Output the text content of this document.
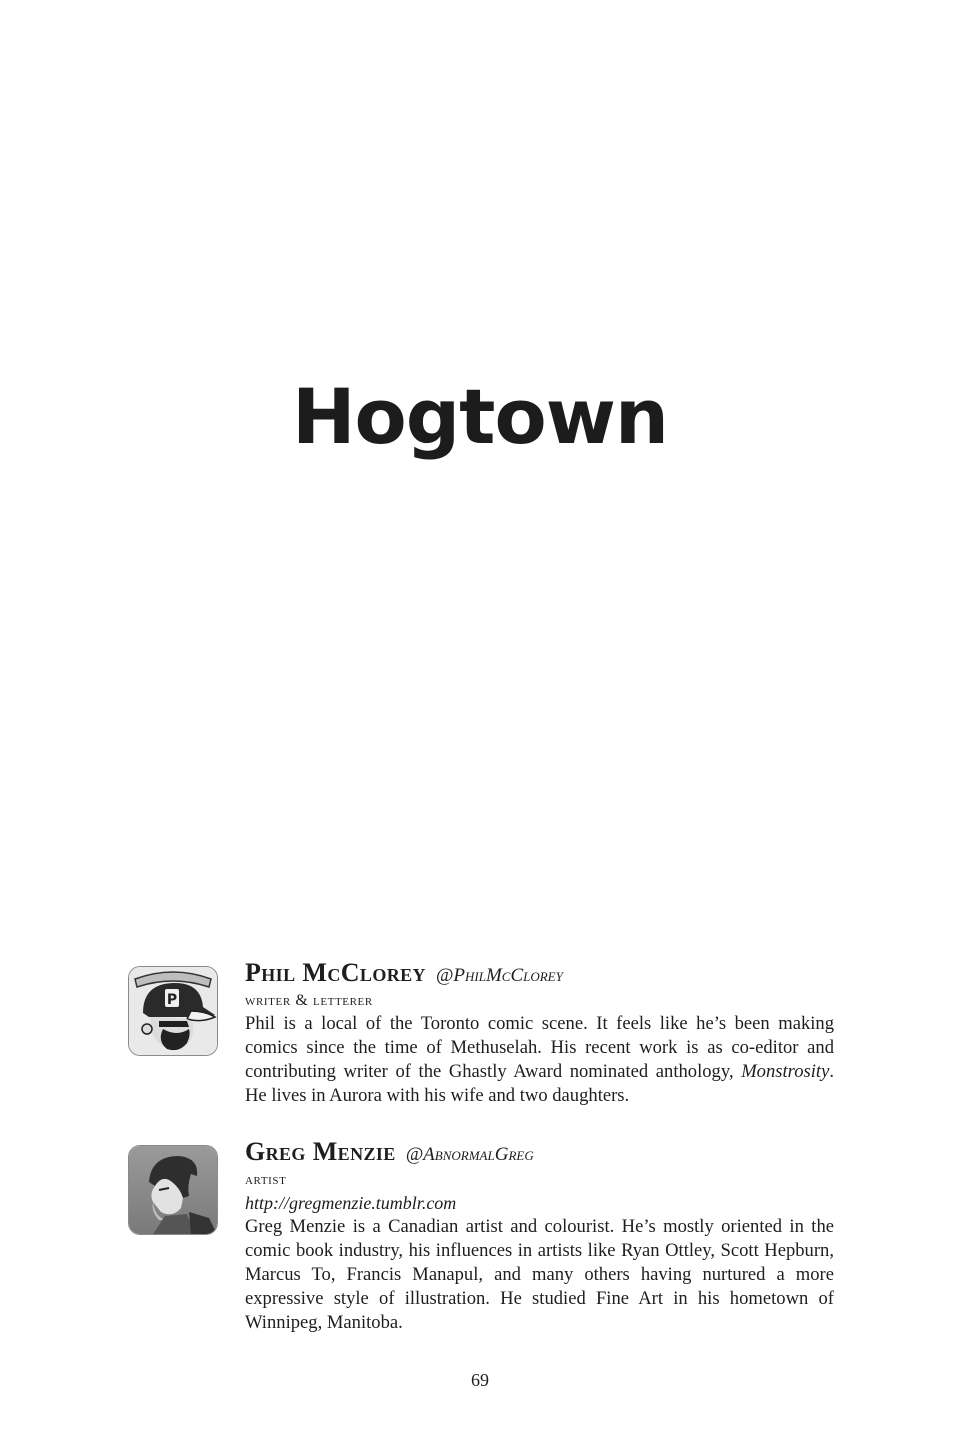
Hogtown
P
Phil McClorey @PhilMcClorey
writer & letterer

Phil is a local of the Toronto comic scene. It feels like he’s been making comics since the time of Methuselah. His recent work is as co-editor and contributing writer of the Ghastly Award nominated anthology, Monstrosity. He lives in Aurora with his wife and two daughters.

Greg Menzie @AbnormalGreg
artist
http://gregmenzie.tumblr.com

Greg Menzie is a Canadian artist and colourist. He’s mostly oriented in the comic book industry, his influences in artists like Ryan Ottley, Scott Hepburn, Marcus To, Francis Manapul, and many others having nurtured a more expressive style of illustration. He studied Fine Art in his hometown of Winnipeg, Manitoba.

69
